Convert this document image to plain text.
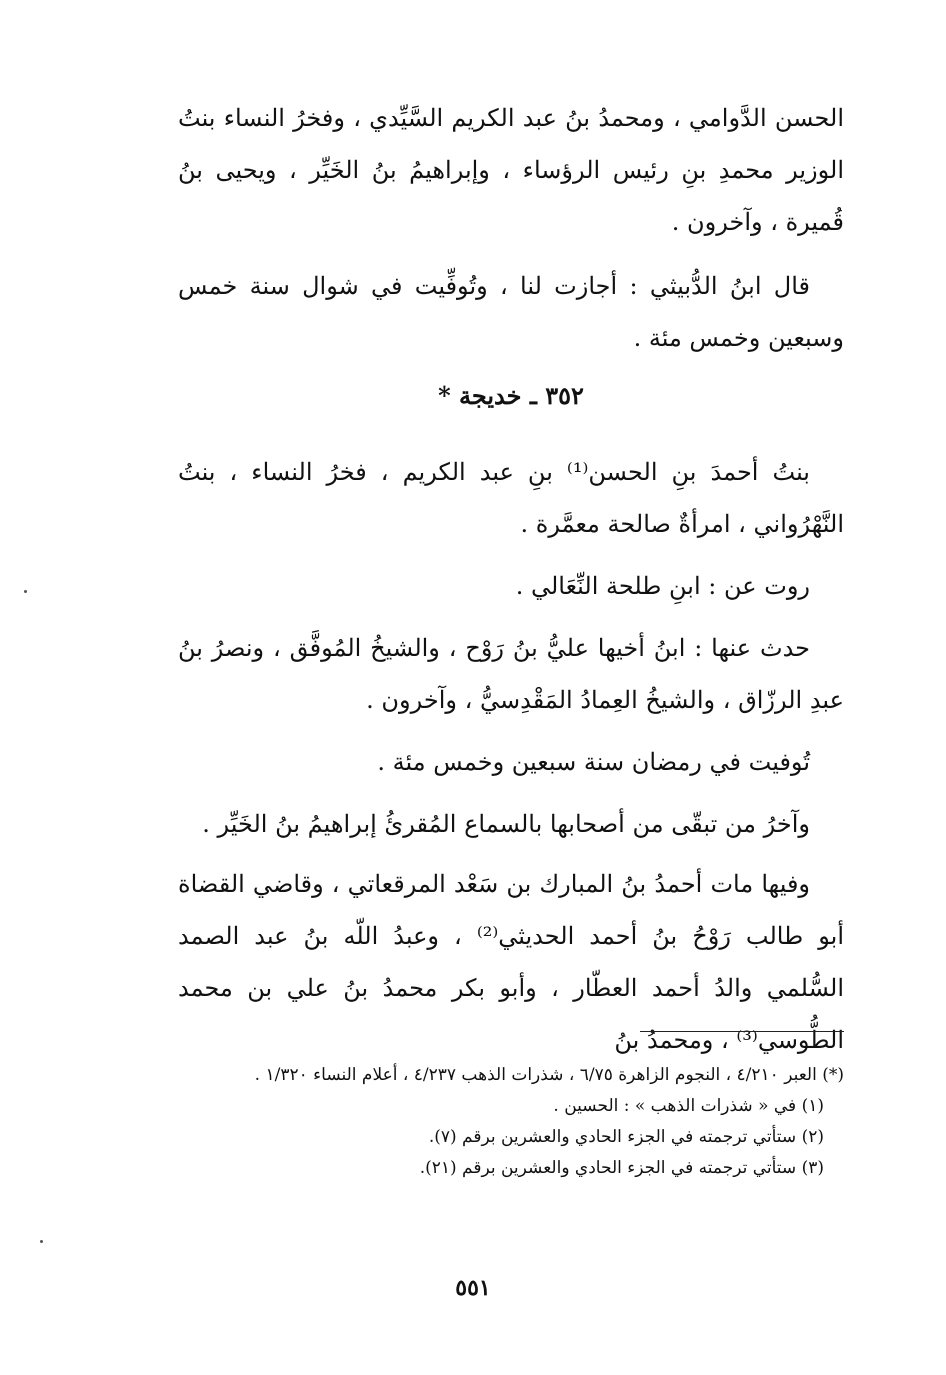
الحسن الدَّوامي ، ومحمدُ بنُ عبد الكريم السَّيِّدي ، وفخرُ النساء بنتُ الوزير محمدِ بنِ رئيس الرؤساء ، وإبراهيمُ بنُ الخَيِّر ، ويحيى بنُ قُميرة ، وآخرون .
قال ابنُ الدُّبيثي : أجازت لنا ، وتُوفِّيت في شوال سنة خمس وسبعين وخمس مئة .
٣٥٢ ـ خديجة *
بنتُ أحمدَ بنِ الحسن⁽¹⁾ بنِ عبد الكريم ، فخرُ النساء ، بنتُ النَّهْرُواني ، امرأةٌ صالحة معمَّرة .
روت عن : ابنِ طلحة النِّعَالي .
حدث عنها : ابنُ أخيها عليُّ بنُ رَوْح ، والشيخُ المُوفَّق ، ونصرُ بنُ عبدِ الرزّاق ، والشيخُ العِمادُ المَقْدِسيُّ ، وآخرون .
تُوفيت في رمضان سنة سبعين وخمس مئة .
وآخرُ من تبقّى من أصحابها بالسماع المُقرئُ إبراهيمُ بنُ الخَيِّر .
وفيها مات أحمدُ بنُ المبارك بن سَعْد المرقعاتي ، وقاضي القضاة أبو طالب رَوْحُ بنُ أحمد الحديثي⁽²⁾ ، وعبدُ اللّه بنُ عبد الصمد السُّلمي والدُ أحمد العطّار ، وأبو بكر محمدُ بنُ علي بن محمد الطُّوسي⁽³⁾ ، ومحمدُ بنُ
(*) العبر ٤/٢١٠ ، النجوم الزاهرة ٦/٧٥ ، شذرات الذهب ٤/٢٣٧ ، أعلام النساء ١/٣٢٠ .
(١) في « شذرات الذهب » : الحسين .
(٢) ستأتي ترجمته في الجزء الحادي والعشرين برقم (٧).
(٣) ستأتي ترجمته في الجزء الحادي والعشرين برقم (٢١).
٥٥١
